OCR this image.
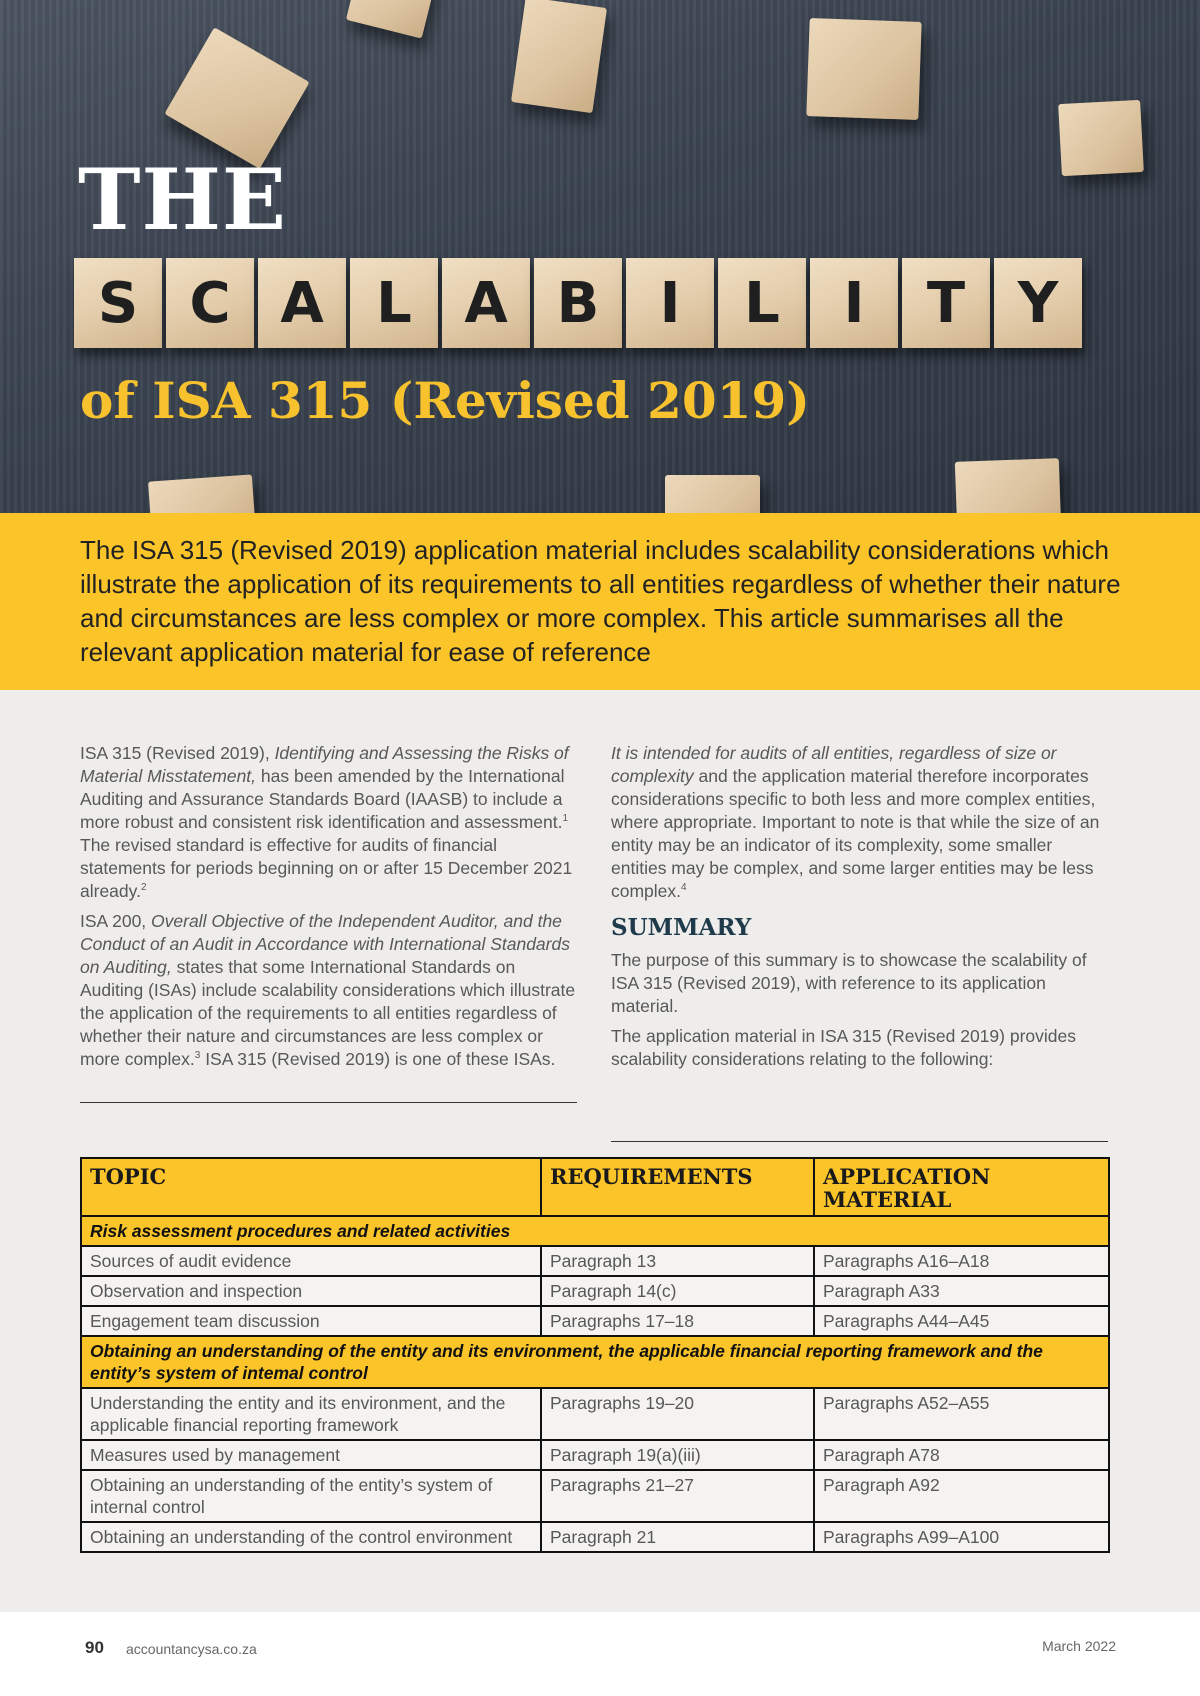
THE
S C A L A B	I	L	I	T Y
of ISA 315 (Revised 2019)

The ISA 315 (Revised 2019) application material includes scalability considerations which illustrate the application of its requirements to all entities regardless of whether their nature and circumstances are less complex or more complex. This article summarises all the relevant application material for ease of reference

ISA 315 (Revised 2019), Identifying and Assessing the Risks of Material Misstatement, has been amended by the International Auditing and Assurance Standards Board (IAASB) to include a more robust and consistent risk identification and assessment.$^1$ The revised standard is effective for audits of financial statements for periods beginning on or after 15 December 2021 already.$^2$

ISA 200, Overall Objective of the Independent Auditor, and the Conduct of an Audit in Accordance with International Standards on Auditing, states that some International Standards on Auditing (ISAs) include scalability considerations which illustrate the application of the requirements to all entities regardless of whether their nature and circumstances are less complex or more complex.$^3$ ISA 315 (Revised 2019) is one of these ISAs.

It is intended for audits of all entities, regardless of size or complexity and the application material therefore incorporates considerations specific to both less and more complex entities, where appropriate. Important to note is that while the size of an entity may be an indicator of its complexity, some smaller entities may be complex, and some larger entities may be less complex.$^4$

SUMMARY

The purpose of this summary is to showcase the scalability of ISA 315 (Revised 2019), with reference to its application material.

The application material in ISA 315 (Revised 2019) provides scalability considerations relating to the following:

TOPIC	REQUIREMENTS	APPLICATION MATERIAL
Risk assessment procedures and related activities		
Sources of audit evidence	Paragraph 13	Paragraphs A16–A18
Observation and inspection	Paragraph 14(c)	Paragraph A33
Engagement team discussion	Paragraphs 17–18	Paragraphs A44–A45
Obtaining an understanding of the entity and its environment, the applicable financial reporting framework and the entity’s system of intemal control		
Understanding the entity and its environment, and the applicable financial reporting framework	Paragraphs 19–20	Paragraphs A52–A55
Measures used by management	Paragraph 19(a)(iii)	Paragraph A78
Obtaining an understanding of the entity’s system of internal control	Paragraphs 21–27	Paragraph A92
Obtaining an understanding of the control environment	Paragraph 21	Paragraphs A99–A100
90 accountancysa.co.za	March 2022
